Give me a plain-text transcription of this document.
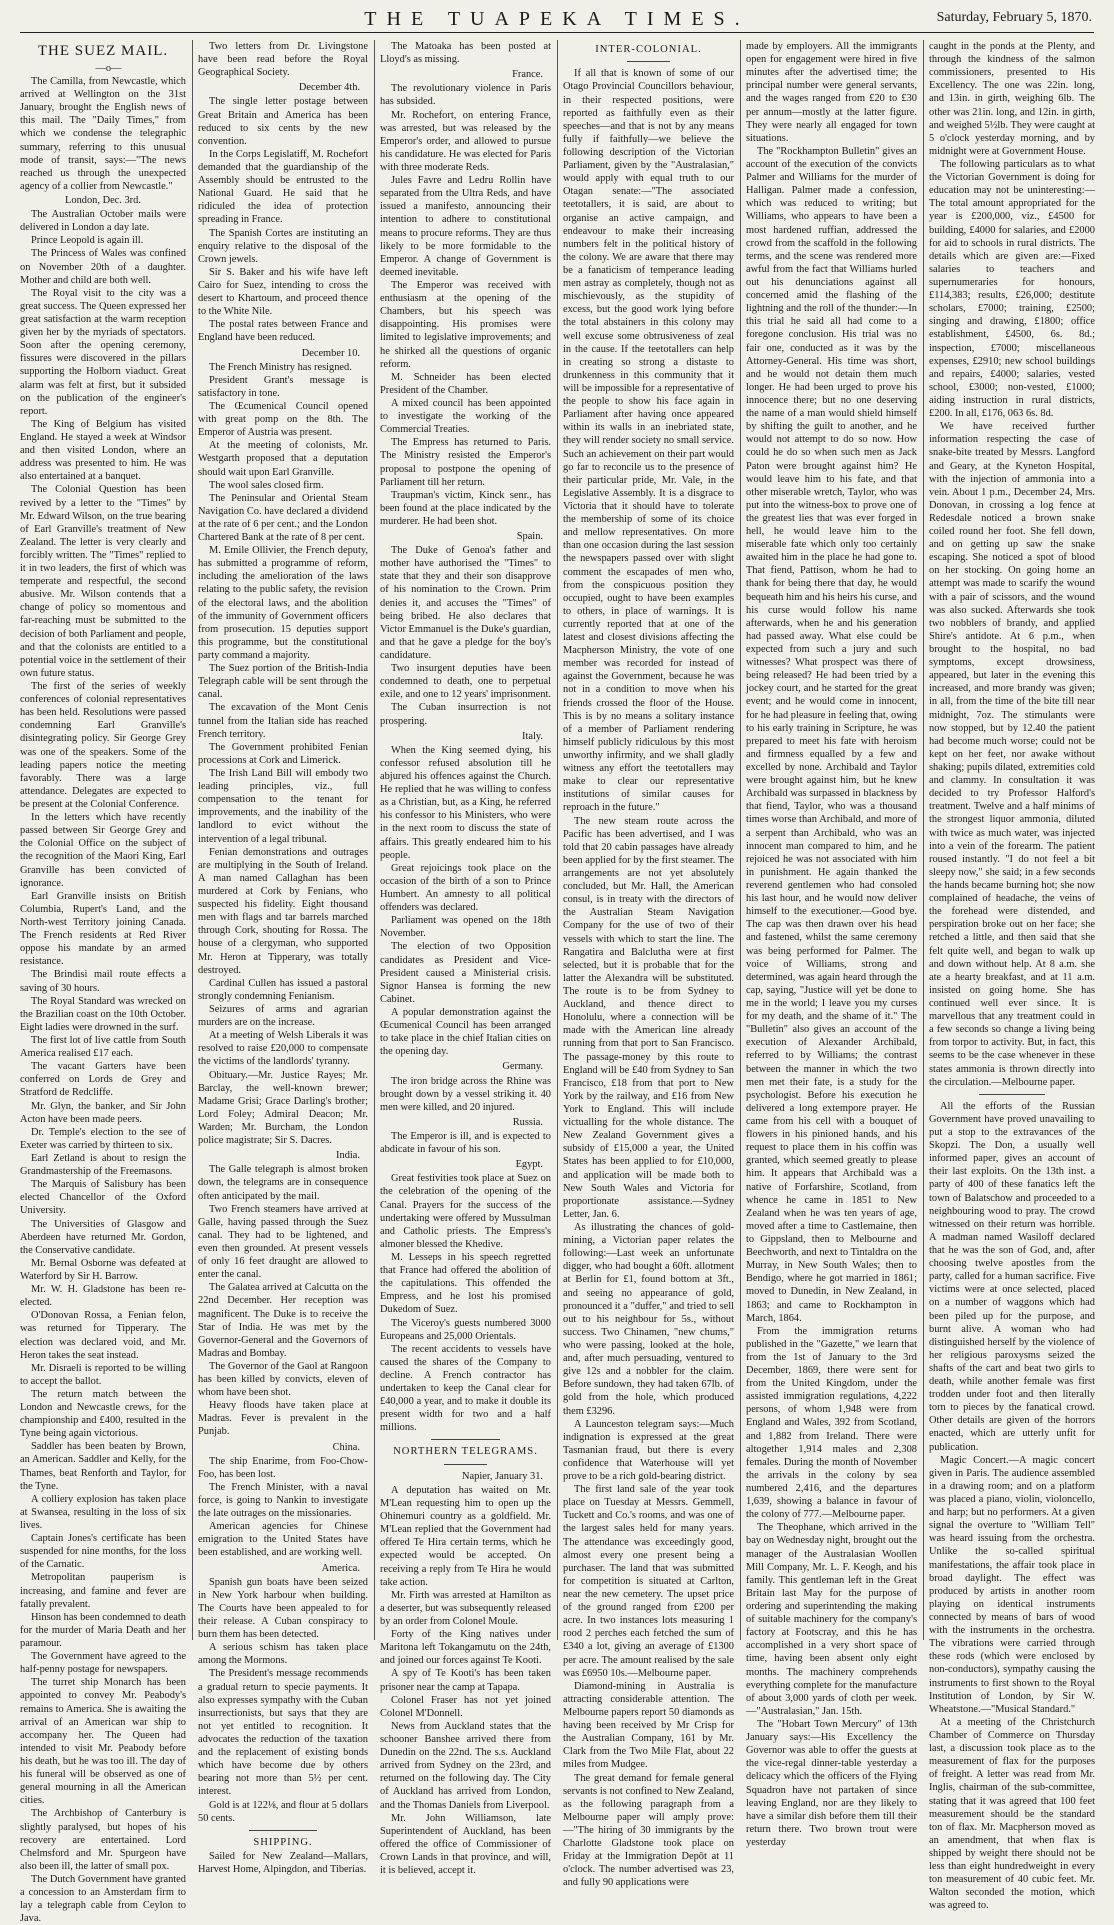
THE TUAPEKA TIMES.	Saturday, February 5, 1870.
THE SUEZ MAIL.

—o—

The Camilla, from Newcastle, which arrived at Wellington on the 31st January, brought the English news of this mail. The "Daily Times," from which we condense the telegraphic summary, referring to this unusual mode of transit, says:—"The news reached us through the unexpected agency of a collier from Newcastle."

London, Dec. 3rd.

The Australian October mails were delivered in London a day late.

Prince Leopold is again ill.

The Princess of Wales was confined on November 20th of a daughter. Mother and child are both well.

The Royal visit to the city was a great success. The Queen expressed her great satisfaction at the warm reception given her by the myriads of spectators. Soon after the opening ceremony, fissures were discovered in the pillars supporting the Holborn viaduct. Great alarm was felt at first, but it subsided on the publication of the engineer's report.

The King of Belgium has visited England. He stayed a week at Windsor and then visited London, where an address was presented to him. He was also entertained at a banquet.

The Colonial Question has been revived by a letter to the "Times" by Mr. Edward Wilson, on the true bearing of Earl Granville's treatment of New Zealand. The letter is very clearly and forcibly written. The "Times" replied to it in two leaders, the first of which was temperate and respectful, the second abusive. Mr. Wilson contends that a change of policy so momentous and far-reaching must be submitted to the decision of both Parliament and people, and that the colonists are entitled to a potential voice in the settlement of their own future status.

The first of the series of weekly conferences of colonial representatives has been held. Resolutions were passed condemning Earl Granville's disintegrating policy. Sir George Grey was one of the speakers. Some of the leading papers notice the meeting favorably. There was a large attendance. Delegates are expected to be present at the Colonial Conference.

In the letters which have recently passed between Sir George Grey and the Colonial Office on the subject of the recognition of the Maori King, Earl Granville has been convicted of ignorance.

Earl Granville insists on British Columbia, Rupert's Land, and the North-west Territory joining Canada. The French residents at Red River oppose his mandate by an armed resistance.

The Brindisi mail route effects a saving of 30 hours.

The Royal Standard was wrecked on the Brazilian coast on the 10th October. Eight ladies were drowned in the surf.

The first lot of live cattle from South America realised £17 each.

The vacant Garters have been conferred on Lords de Grey and Stratford de Redcliffe.

Mr. Glyn, the banker, and Sir John Acton have been made peers.

Dr. Temple's election to the see of Exeter was carried by thirteen to six.

Earl Zetland is about to resign the Grandmastership of the Freemasons.

The Marquis of Salisbury has been elected Chancellor of the Oxford University.

The Universities of Glasgow and Aberdeen have returned Mr. Gordon, the Conservative candidate.

Mr. Bernal Osborne was defeated at Waterford by Sir H. Barrow.

Mr. W. H. Gladstone has been re-elected.

O'Donovan Rossa, a Fenian felon, was returned for Tipperary. The election was declared void, and Mr. Heron takes the seat instead.

Mr. Disraeli is reported to be willing to accept the ballot.

The return match between the London and Newcastle crews, for the championship and £400, resulted in the Tyne being again victorious.

Saddler has been beaten by Brown, an American. Saddler and Kelly, for the Thames, beat Renforth and Taylor, for the Tyne.

A colliery explosion has taken place at Swansea, resulting in the loss of six lives.

Captain Jones's certificate has been suspended for nine months, for the loss of the Carnatic.

Metropolitan pauperism is increasing, and famine and fever are fatally prevalent.

Hinson has been condemned to death for the murder of Maria Death and her paramour.

The Government have agreed to the half-penny postage for newspapers.

The turret ship Monarch has been appointed to convey Mr. Peabody's remains to America. She is awaiting the arrival of an American war ship to accompany her. The Queen had intended to visit Mr. Peabody before his death, but he was too ill. The day of his funeral will be observed as one of general mourning in all the American cities.

The Archbishop of Canterbury is slightly paralysed, but hopes of his recovery are entertained. Lord Chelmsford and Mr. Spurgeon have also been ill, the latter of small pox.

The Dutch Government have granted a concession to an Amsterdam firm to lay a telegraph cable from Ceylon to Java.

Two letters from Dr. Livingstone have been read before the Royal Geographical Society.

December 4th.

The single letter postage between Great Britain and America has been reduced to six cents by the new convention.

In the Corps Legislatiff, M. Rochefort demanded that the guardianship of the Assembly should be entrusted to the National Guard. He said that he ridiculed the idea of protection spreading in France.

The Spanish Cortes are instituting an enquiry relative to the disposal of the Crown jewels.

Sir S. Baker and his wife have left Cairo for Suez, intending to cross the desert to Khartoum, and proceed thence to the White Nile.

The postal rates between France and England have been reduced.

December 10.

The French Ministry has resigned.

President Grant's message is satisfactory in tone.

The Œcumenical Council opened with great pomp on the 8th. The Emperor of Austria was present.

At the meeting of colonists, Mr. Westgarth proposed that a deputation should wait upon Earl Granville.

The wool sales closed firm.

The Peninsular and Oriental Steam Navigation Co. have declared a dividend at the rate of 6 per cent.; and the London Chartered Bank at the rate of 8 per cent.

M. Emile Ollivier, the French deputy, has submitted a programme of reform, including the amelioration of the laws relating to the public safety, the revision of the electoral laws, and the abolition of the immunity of Government officers from prosecution. 15 deputies support this programme, but the constitutional party command a majority.

The Suez portion of the British-India Telegraph cable will be sent through the canal.

The excavation of the Mont Cenis tunnel from the Italian side has reached French territory.

The Government prohibited Fenian processions at Cork and Limerick.

The Irish Land Bill will embody two leading principles, viz., full compensation to the tenant for improvements, and the inability of the landlord to evict without the intervention of a legal tribunal.

Fenian demonstrations and outrages are multiplying in the South of Ireland. A man named Callaghan has been murdered at Cork by Fenians, who suspected his fidelity. Eight thousand men with flags and tar barrels marched through Cork, shouting for Rossa. The house of a clergyman, who supported Mr. Heron at Tipperary, was totally destroyed.

Cardinal Cullen has issued a pastoral strongly condemning Fenianism.

Seizures of arms and agrarian murders are on the increase.

At a meeting of Welsh Liberals it was resolved to raise £20,000 to compensate the victims of the landlords' tyranny.

Obituary.—Mr. Justice Rayes; Mr. Barclay, the well-known brewer; Madame Grisi; Grace Darling's brother; Lord Foley; Admiral Deacon; Mr. Warden; Mr. Burcham, the London police magistrate; Sir S. Dacres.

India.

The Galle telegraph is almost broken down, the telegrams are in consequence often anticipated by the mail.

Two French steamers have arrived at Galle, having passed through the Suez canal. They had to be lightened, and even then grounded. At present vessels of only 16 feet draught are allowed to enter the canal.

The Galatea arrived at Calcutta on the 22nd December. Her reception was magnificent. The Duke is to receive the Star of India. He was met by the Governor-General and the Governors of Madras and Bombay.

The Governor of the Gaol at Rangoon has been killed by convicts, eleven of whom have been shot.

Heavy floods have taken place at Madras. Fever is prevalent in the Punjab.

China.

The ship Enarime, from Foo-Chow-Foo, has been lost.

The French Minister, with a naval force, is going to Nankin to investigate the late outrages on the missionaries.

American agencies for Chinese emigration to the United States have been established, and are working well.

America.

Spanish gun boats have been seized in New York harbour when building. The Courts have been appealed to for their release. A Cuban conspiracy to burn them has been detected.

A serious schism has taken place among the Mormons.

The President's message recommends a gradual return to specie payments. It also expresses sympathy with the Cuban insurrectionists, but says that they are not yet entitled to recognition. It advocates the reduction of the taxation and the replacement of existing bonds which have become due by others bearing not more than 5½ per cent. interest.

Gold is at 122⅛, and flour at 5 dollars 50 cents.

SHIPPING.

Sailed for New Zealand—Mallars, Harvest Home, Alpingdon, and Tiberias.

The Matoaka has been posted at Lloyd's as missing.

France.

The revolutionary violence in Paris has subsided.

Mr. Rochefort, on entering France, was arrested, but was released by the Emperor's order, and allowed to pursue his candidature. He was elected for Paris with three moderate Reds.

Jules Favre and Ledru Rollin have separated from the Ultra Reds, and have issued a manifesto, announcing their intention to adhere to constitutional means to procure reforms. They are thus likely to be more formidable to the Emperor. A change of Government is deemed inevitable.

The Emperor was received with enthusiasm at the opening of the Chambers, but his speech was disappointing. His promises were limited to legislative improvements; and he shirked all the questions of organic reform.

M. Schneider has been elected President of the Chamber.

A mixed council has been appointed to investigate the working of the Commercial Treaties.

The Empress has returned to Paris. The Ministry resisted the Emperor's proposal to postpone the opening of Parliament till her return.

Traupman's victim, Kinck senr., has been found at the place indicated by the murderer. He had been shot.

Spain.

The Duke of Genoa's father and mother have authorised the "Times" to state that they and their son disapprove of his nomination to the Crown. Prim denies it, and accuses the "Times" of being bribed. He also declares that Victor Emmanuel is the Duke's guardian, and that he gave a pledge for the boy's candidature.

Two insurgent deputies have been condemned to death, one to perpetual exile, and one to 12 years' imprisonment.

The Cuban insurrection is not prospering.

Italy.

When the King seemed dying, his confessor refused absolution till he abjured his offences against the Church. He replied that he was willing to confess as a Christian, but, as a King, he referred his confessor to his Ministers, who were in the next room to discuss the state of affairs. This greatly endeared him to his people.

Great rejoicings took place on the occasion of the birth of a son to Prince Humbert. An amnesty to all political offenders was declared.

Parliament was opened on the 18th November.

The election of two Opposition candidates as President and Vice-President caused a Ministerial crisis. Signor Hansea is forming the new Cabinet.

A popular demonstration against the Œcumenical Council has been arranged to take place in the chief Italian cities on the opening day.

Germany.

The iron bridge across the Rhine was brought down by a vessel striking it. 40 men were killed, and 20 injured.

Russia.

The Emperor is ill, and is expected to abdicate in favour of his son.

Egypt.

Great festivities took place at Suez on the celebration of the opening of the Canal. Prayers for the success of the undertaking were offered by Mussulman and Catholic priests. The Empress's almoner blessed the Khedive.

M. Lesseps in his speech regretted that France had offered the abolition of the capitulations. This offended the Empress, and he lost his promised Dukedom of Suez.

The Viceroy's guests numbered 3000 Europeans and 25,000 Orientals.

The recent accidents to vessels have caused the shares of the Company to decline. A French contractor has undertaken to keep the Canal clear for £40,000 a year, and to make it double its present width for two and a half millions.

NORTHERN TELEGRAMS.

Napier, January 31.

A deputation has waited on Mr. M'Lean requesting him to open up the Ohinemuri country as a goldfield. Mr. M'Lean replied that the Government had offered Te Hira certain terms, which he expected would be accepted. On receiving a reply from Te Hira he would take action.

Mr. Firth was arrested at Hamilton as a deserter, but was subsequently released by an order from Colonel Moule.

Forty of the King natives under Maritona left Tokangamutu on the 24th, and joined our forces against Te Kooti.

A spy of Te Kooti's has been taken prisoner near the camp at Tapapa.

Colonel Fraser has not yet joined Colonel M'Donnell.

News from Auckland states that the schooner Banshee arrived there from Dunedin on the 22nd. The s.s. Auckland arrived from Sydney on the 23rd, and returned on the following day. The City of Auckland has arrived from London, and the Thomas Daniels from Liverpool.

Mr. John Williamson, late Superintendent of Auckland, has been offered the office of Commissioner of Crown Lands in that province, and will, it is believed, accept it.

INTER-COLONIAL.

If all that is known of some of our Otago Provincial Councillors behaviour, in their respected positions, were reported as faithfully even as their speeches—and that is not by any means fully if faithfully—we believe the following description of the Victorian Parliament, given by the "Australasian," would apply with equal truth to our Otagan senate:—"The associated teetotallers, it is said, are about to organise an active campaign, and endeavour to make their increasing numbers felt in the political history of the colony. We are aware that there may be a fanaticism of temperance leading men astray as completely, though not as mischievously, as the stupidity of excess, but the good work lying before the total abstainers in this colony may well excuse some obtrusiveness of zeal in the cause. If the teetotallers can help in creating so strong a distaste to drunkenness in this community that it will be impossible for a representative of the people to show his face again in Parliament after having once appeared within its walls in an inebriated state, they will render society no small service. Such an achievement on their part would go far to reconcile us to the presence of their particular pride, Mr. Vale, in the Legislative Assembly. It is a disgrace to Victoria that it should have to tolerate the membership of some of its choice and mellow representatives. On more than one occasion during the last session the newspapers passed over with slight comment the escapades of men who, from the conspicuous position they occupied, ought to have been examples to others, in place of warnings. It is currently reported that at one of the latest and closest divisions affecting the Macpherson Ministry, the vote of one member was recorded for instead of against the Government, because he was not in a condition to move when his friends crossed the floor of the House. This is by no means a solitary instance of a member of Parliament rendering himself publicly ridiculous by this most unworthy infirmity, and we shall gladly witness any effort the teetotallers may make to clear our representative institutions of similar causes for reproach in the future."

The new steam route across the Pacific has been advertised, and I was told that 20 cabin passages have already been applied for by the first steamer. The arrangements are not yet absolutely concluded, but Mr. Hall, the American consul, is in treaty with the directors of the Australian Steam Navigation Company for the use of two of their vessels with which to start the line. The Rangatira and Balclutha were at first selected, but it is probable that for the latter the Alexandra will be substituted. The route is to be from Sydney to Auckland, and thence direct to Honolulu, where a connection will be made with the American line already running from that port to San Francisco. The passage-money by this route to England will be £40 from Sydney to San Francisco, £18 from that port to New York by the railway, and £16 from New York to England. This will include victualling for the whole distance. The New Zealand Government gives a subsidy of £15,000 a year, the United States has been applied to for £10,000, and application will be made both to New South Wales and Victoria for proportionate assistance.—Sydney Letter, Jan. 6.

As illustrating the chances of gold-mining, a Victorian paper relates the following:—Last week an unfortunate digger, who had bought a 60ft. allotment at Berlin for £1, found bottom at 3ft., and seeing no appearance of gold, pronounced it a "duffer," and tried to sell out to his neighbour for 5s., without success. Two Chinamen, "new chums," who were passing, looked at the hole, and, after much persuading, ventured to give 12s and a nobbler for the claim. Before sundown, they had taken 67lb. of gold from the hole, which produced them £3296.

A Launceston telegram says:—Much indignation is expressed at the great Tasmanian fraud, but there is every confidence that Waterhouse will yet prove to be a rich gold-bearing district.

The first land sale of the year took place on Tuesday at Messrs. Gemmell, Tuckett and Co.'s rooms, and was one of the largest sales held for many years. The attendance was exceedingly good, almost every one present being a purchaser. The land that was submitted for competition is situated at Carlton, near the new cemetery. The upset price of the ground ranged from £200 per acre. In two instances lots measuring 1 rood 2 perches each fetched the sum of £340 a lot, giving an average of £1300 per acre. The amount realised by the sale was £6950 10s.—Melbourne paper.

Diamond-mining in Australia is attracting considerable attention. The Melbourne papers report 50 diamonds as having been received by Mr Crisp for the Australian Company, 161 by Mr. Clark from the Two Mile Flat, about 22 miles from Mudgee.

The great demand for female general servants is not confined to New Zealand, as the following paragraph from a Melbourne paper will amply prove:—"The hiring of 30 immigrants by the Charlotte Gladstone took place on Friday at the Immigration Depôt at 11 o'clock. The number advertised was 23, and fully 90 applications were

made by employers. All the immigrants open for engagement were hired in five minutes after the advertised time; the principal number were general servants, and the wages ranged from £20 to £30 per annum—mostly at the latter figure. They were nearly all engaged for town situations.

The "Rockhampton Bulletin" gives an account of the execution of the convicts Palmer and Williams for the murder of Halligan. Palmer made a confession, which was reduced to writing; but Williams, who appears to have been a most hardened ruffian, addressed the crowd from the scaffold in the following terms, and the scene was rendered more awful from the fact that Williams hurled out his denunciations against all concerned amid the flashing of the lightning and the roll of the thunder:—In this trial he said all had come to a foregone conclusion. His trial was no fair one, conducted as it was by the Attorney-General. His time was short, and he would not detain them much longer. He had been urged to prove his innocence there; but no one deserving the name of a man would shield himself by shifting the guilt to another, and he would not attempt to do so now. How could he do so when such men as Jack Paton were brought against him? He would leave him to his fate, and that other miserable wretch, Taylor, who was put into the witness-box to prove one of the greatest lies that was ever forged in hell, he would leave him to the miserable fate which only too certainly awaited him in the place he had gone to. That fiend, Pattison, whom he had to thank for being there that day, he would bequeath him and his heirs his curse, and his curse would follow his name afterwards, when he and his generation had passed away. What else could be expected from such a jury and such witnesses? What prospect was there of being released? He had been tried by a jockey court, and he started for the great event; and he would come in innocent, for he had pleasure in feeling that, owing to his early training in Scripture, he was prepared to meet his fate with heroism and firmness equalled by a few and excelled by none. Archibald and Taylor were brought against him, but he knew Archibald was surpassed in blackness by that fiend, Taylor, who was a thousand times worse than Archibald, and more of a serpent than Archibald, who was an innocent man compared to him, and he rejoiced he was not associated with him in punishment. He again thanked the reverend gentlemen who had consoled his last hour, and he would now deliver himself to the executioner.—Good bye. The cap was then drawn over his head and fastened, whilst the same ceremony was being performed for Palmer. The voice of Williams, strong and determined, was again heard through the cap, saying, "Justice will yet be done to me in the world; I leave you my curses for my death, and the shame of it." The "Bulletin" also gives an account of the execution of Alexander Archibald, referred to by Williams; the contrast between the manner in which the two men met their fate, is a study for the psychologist. Before his execution he delivered a long extempore prayer. He came from his cell with a bouquet of flowers in his pinioned hands, and his request to place them in his coffin was granted, which seemed greatly to please him. It appears that Archibald was a native of Forfarshire, Scotland, from whence he came in 1851 to New Zealand when he was ten years of age, moved after a time to Castlemaine, then to Gippsland, then to Melbourne and Beechworth, and next to Tintaldra on the Murray, in New South Wales; then to Bendigo, where he got married in 1861; moved to Dunedin, in New Zealand, in 1863; and came to Rockhampton in March, 1864.

From the immigration returns published in the "Gazette," we learn that from the 1st of January to the 3rd December, 1869, there were sent for from the United Kingdom, under the assisted immigration regulations, 4,222 persons, of whom 1,948 were from England and Wales, 392 from Scotland, and 1,882 from Ireland. There were altogether 1,914 males and 2,308 females. During the month of November the arrivals in the colony by sea numbered 2,416, and the departures 1,639, showing a balance in favour of the colony of 777.—Melbourne paper.

The Theophane, which arrived in the bay on Wednesday night, brought out the manager of the Australasian Woollen Mill Company, Mr. L. F. Keogh, and his family. This gentleman left in the Great Britain last May for the purpose of ordering and superintending the making of suitable machinery for the company's factory at Footscray, and this he has accomplished in a very short space of time, having been absent only eight months. The machinery comprehends everything complete for the manufacture of about 3,000 yards of cloth per week.—"Australasian," Jan. 15th.

The "Hobart Town Mercury" of 13th January says:—His Excellency the Governor was able to offer the guests at the vice-regal dinner-table yesterday a delicacy which the officers of the Flying Squadron have not partaken of since leaving England, nor are they likely to have a similar dish before them till their return there. Two brown trout were yesterday

caught in the ponds at the Plenty, and through the kindness of the salmon commissioners, presented to His Excellency. The one was 22in. long, and 13in. in girth, weighing 6lb. The other was 21in. long, and 12in. in girth, and weighed 5½lb. They were caught at 5 o'clock yesterday morning, and by midnight were at Government House.

The following particulars as to what the Victorian Government is doing for education may not be uninteresting:—The total amount appropriated for the year is £200,000, viz., £4500 for building, £4000 for salaries, and £2000 for aid to schools in rural districts. The details which are given are:—Fixed salaries to teachers and supernumeraries for honours, £114,383; results, £26,000; destitute scholars, £7000; training, £2500; singing and drawing, £1800; office establishment, £4500, 6s. 8d.; inspection, £7000; miscellaneous expenses, £2910; new school buildings and repairs, £4000; salaries, vested school, £3000; non-vested, £1000; aiding instruction in rural districts, £200. In all, £176, 063 6s. 8d.

We have received further information respecting the case of snake-bite treated by Messrs. Langford and Geary, at the Kyneton Hospital, with the injection of ammonia into a vein. About 1 p.m., December 24, Mrs. Donovan, in crossing a log fence at Redesdale noticed a brown snake coiled round her foot. She fell down, and on getting up saw the snake escaping. She noticed a spot of blood on her stocking. On going home an attempt was made to scarify the wound with a pair of scissors, and the wound was also sucked. Afterwards she took two nobblers of brandy, and applied Shire's antidote. At 6 p.m., when brought to the hospital, no bad symptoms, except drowsiness, appeared, but later in the evening this increased, and more brandy was given; in all, from the time of the bite till near midnight, 7oz. The stimulants were now stopped, but by 12.40 the patient had become much worse; could not be kept on her feet, nor awake without shaking; pupils dilated, extremities cold and clammy. In consultation it was decided to try Professor Halford's treatment. Twelve and a half minims of the strongest liquor ammonia, diluted with twice as much water, was injected into a vein of the forearm. The patient roused instantly. "I do not feel a bit sleepy now," she said; in a few seconds the hands became burning hot; she now complained of headache, the veins of the forehead were distended, and perspiration broke out on her face; she retched a little, and then said that she felt quite well, and began to walk up and down without help. At 8 a.m. she ate a hearty breakfast, and at 11 a.m. insisted on going home. She has continued well ever since. It is marvellous that any treatment could in a few seconds so change a living being from torpor to activity. But, in fact, this seems to be the case whenever in these states ammonia is thrown directly into the circulation.—Melbourne paper.

All the efforts of the Russian Government have proved unavailing to put a stop to the extravances of the Skopzi. The Don, a usually well informed paper, gives an account of their last exploits. On the 13th inst. a party of 400 of these fanatics left the town of Balatschow and proceeded to a neighbouring wood to pray. The crowd witnessed on their return was horrible. A madman named Wasiloff declared that he was the son of God, and, after choosing twelve apostles from the party, called for a human sacrifice. Five victims were at once selected, placed on a number of waggons which had been piled up for the purpose, and burnt alive. A woman who had distinguished herself by the violence of her religious paroxysms seized the shafts of the cart and beat two girls to death, while another female was first trodden under foot and then literally torn to pieces by the fanatical crowd. Other details are given of the horrors enacted, which are utterly unfit for publication.

Magic Concert.—A magic concert given in Paris. The audience assembled in a drawing room; and on a platform was placed a piano, violin, violoncello, and harp; but no performers. At a given signal the overture to "William Tell" was heard issuing from the orchestra. Unlike the so-called spiritual manifestations, the affair took place in broad daylight. The effect was produced by artists in another room playing on identical instruments connected by means of bars of wood with the instruments in the orchestra. The vibrations were carried through these rods (which were enclosed by non-conductors), sympathy causing the instruments to first shown to the Royal Institution of London, by Sir W. Wheatstone.—"Musical Standard."

At a meeting of the Christchurch Chamber of Commerce on Thursday last, a discussion took place as to the measurement of flax for the purposes of freight. A letter was read from Mr. Inglis, chairman of the sub-committee, stating that it was agreed that 100 feet measurement should be the standard ton of flax. Mr. Macpherson moved as an amendment, that when flax is shipped by weight there should not be less than eight hundredweight in every ton measurement of 40 cubic feet. Mr. Walton seconded the motion, which was agreed to.
